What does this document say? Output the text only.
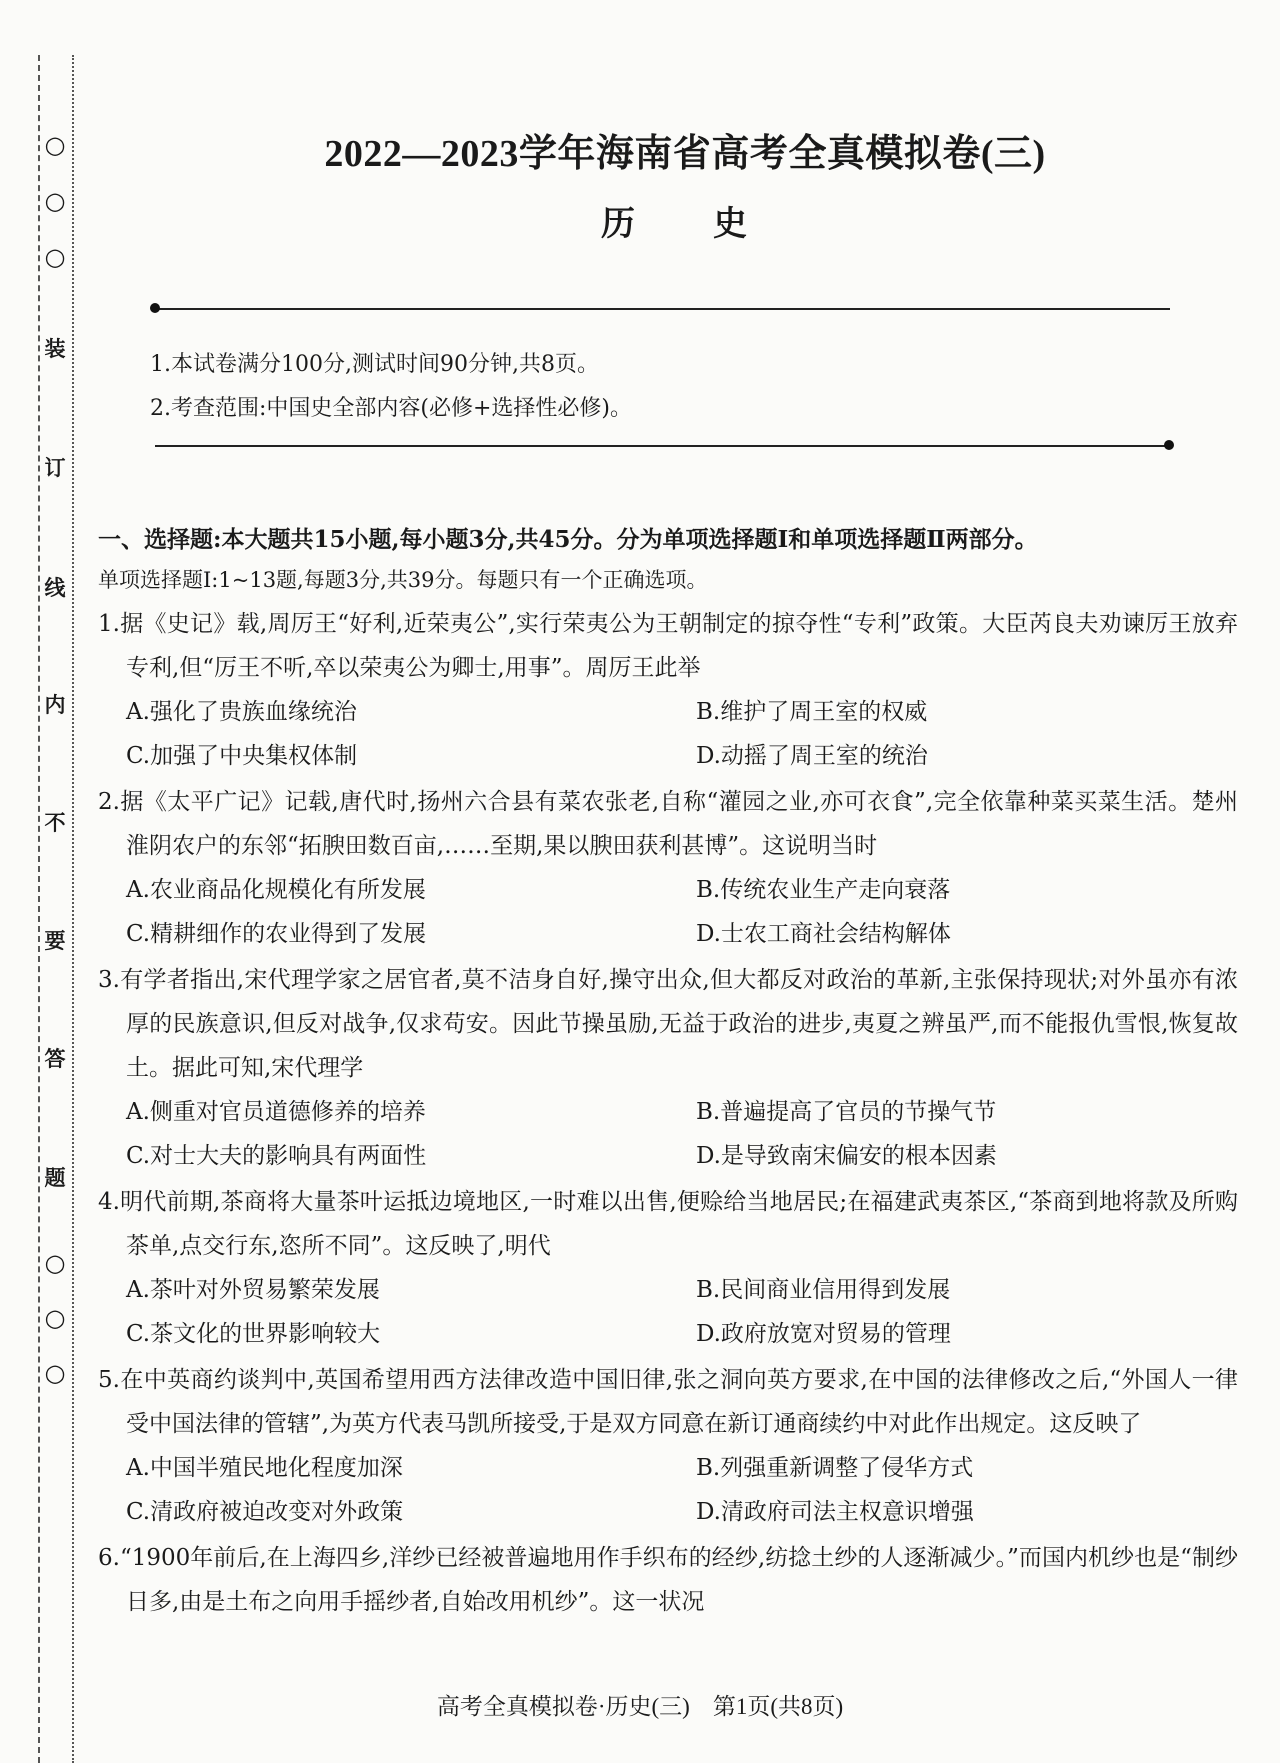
○
○
○
装
订
线
内
不
要
答
题
○
○
○
2022—2023学年海南省高考全真模拟卷(三)
历　史
1.本试卷满分100分,测试时间90分钟,共8页。
2.考查范围:中国史全部内容(必修+选择性必修)。
一、选择题:本大题共15小题,每小题3分,共45分。分为单项选择题Ⅰ和单项选择题Ⅱ两部分。
单项选择题Ⅰ:1~13题,每题3分,共39分。每题只有一个正确选项。
1.据《史记》载,周厉王“好利,近荣夷公”,实行荣夷公为王朝制定的掠夺性“专利”政策。大臣芮良夫劝谏厉王放弃专利,但“厉王不听,卒以荣夷公为卿士,用事”。周厉王此举
A.强化了贵族血缘统治	B.维护了周王室的权威
C.加强了中央集权体制	D.动摇了周王室的统治
2.据《太平广记》记载,唐代时,扬州六合县有菜农张老,自称“灌园之业,亦可衣食”,完全依靠种菜买菜生活。楚州淮阴农户的东邻“拓腴田数百亩,……至期,果以腴田获利甚博”。这说明当时
A.农业商品化规模化有所发展	B.传统农业生产走向衰落
C.精耕细作的农业得到了发展	D.士农工商社会结构解体
3.有学者指出,宋代理学家之居官者,莫不洁身自好,操守出众,但大都反对政治的革新,主张保持现状;对外虽亦有浓厚的民族意识,但反对战争,仅求苟安。因此节操虽励,无益于政治的进步,夷夏之辨虽严,而不能报仇雪恨,恢复故土。据此可知,宋代理学
A.侧重对官员道德修养的培养	B.普遍提高了官员的节操气节
C.对士大夫的影响具有两面性	D.是导致南宋偏安的根本因素
4.明代前期,茶商将大量茶叶运抵边境地区,一时难以出售,便赊给当地居民;在福建武夷茶区,“茶商到地将款及所购茶单,点交行东,恣所不同”。这反映了,明代
A.茶叶对外贸易繁荣发展	B.民间商业信用得到发展
C.茶文化的世界影响较大	D.政府放宽对贸易的管理
5.在中英商约谈判中,英国希望用西方法律改造中国旧律,张之洞向英方要求,在中国的法律修改之后,“外国人一律受中国法律的管辖”,为英方代表马凯所接受,于是双方同意在新订通商续约中对此作出规定。这反映了
A.中国半殖民地化程度加深	B.列强重新调整了侵华方式
C.清政府被迫改变对外政策	D.清政府司法主权意识增强
6.“1900年前后,在上海四乡,洋纱已经被普遍地用作手织布的经纱,纺捻土纱的人逐渐减少。”而国内机纱也是“制纱日多,由是土布之向用手摇纱者,自始改用机纱”。这一状况
高考全真模拟卷·历史(三)　第1页(共8页)
